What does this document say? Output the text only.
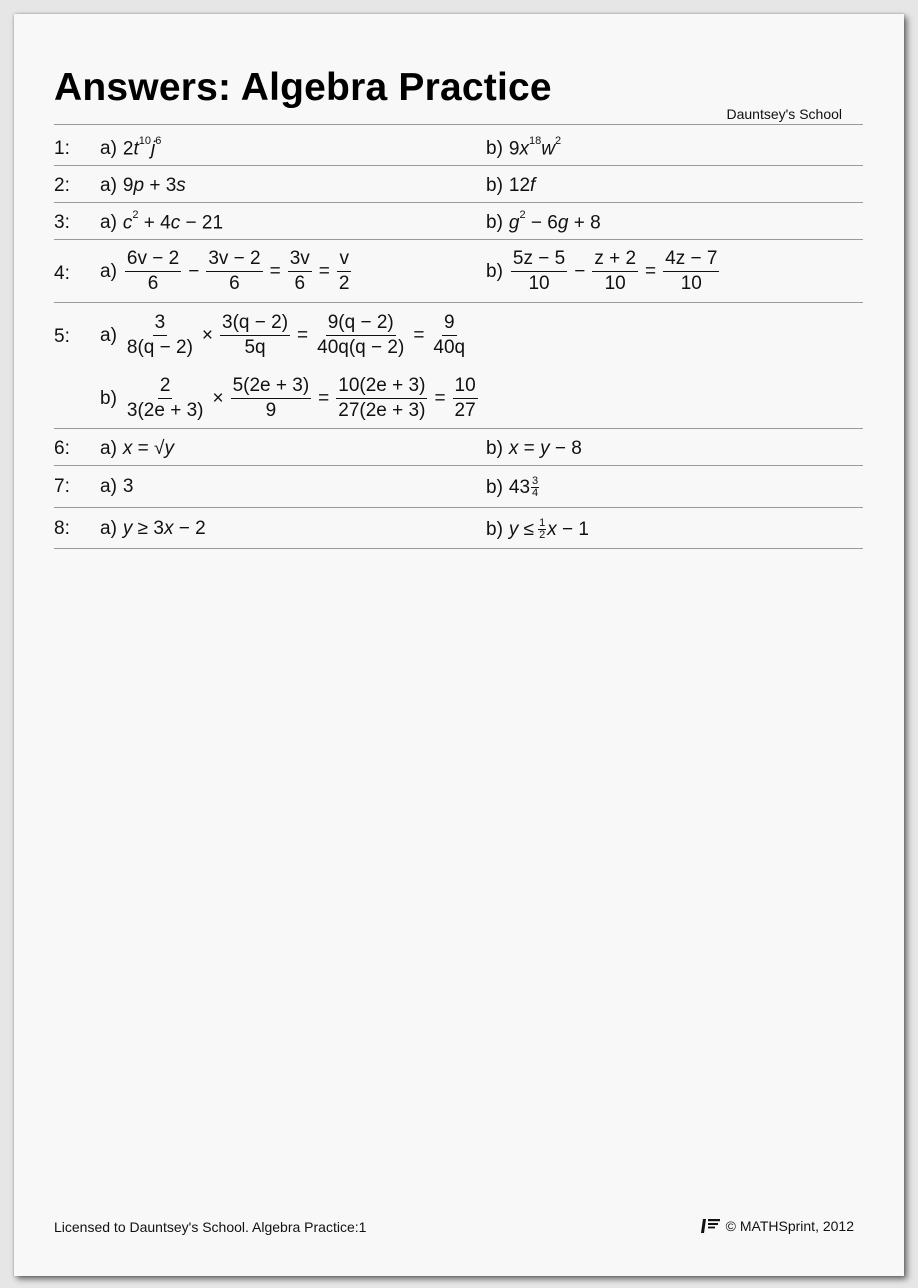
Answers: Algebra Practice
Dauntsey's School
1: a) $2t^{10}j^6$	b) $9x^{18}w^2$
2: a) 9p + 3s	b) 12f
3: a) $c^2 + 4c - 21$	b) $g^2 - 6g + 8$
4: $a) \frac{6v - 2}{6} - \frac{3v - 2}{6} = \frac{3v}{6} = \frac{v}{2}$	$b) \frac{5z - 5}{10} - \frac{z + 2}{10} = \frac{4z - 7}{10}$
5: $a) \frac{3}{8(q - 2)} \times \frac{3(q - 2)}{5q} = \frac{9(q - 2)}{40q(q - 2)} = \frac{9}{40q}$
$b) \frac{2}{3(2e + 3)} \times \frac{5(2e + 3)}{9} = \frac{10(2e + 3)}{27(2e + 3)} = \frac{10}{27}$
6: a) x = √y	b) x = y − 8
7: a) 3	b) 43 3
4
8: a) y ≥ 3x − 2	b) $y \le \frac{1}{2}$ x − 1
Licensed to Dauntsey's School. Algebra Practice:1	© MATHSprint, 2012
